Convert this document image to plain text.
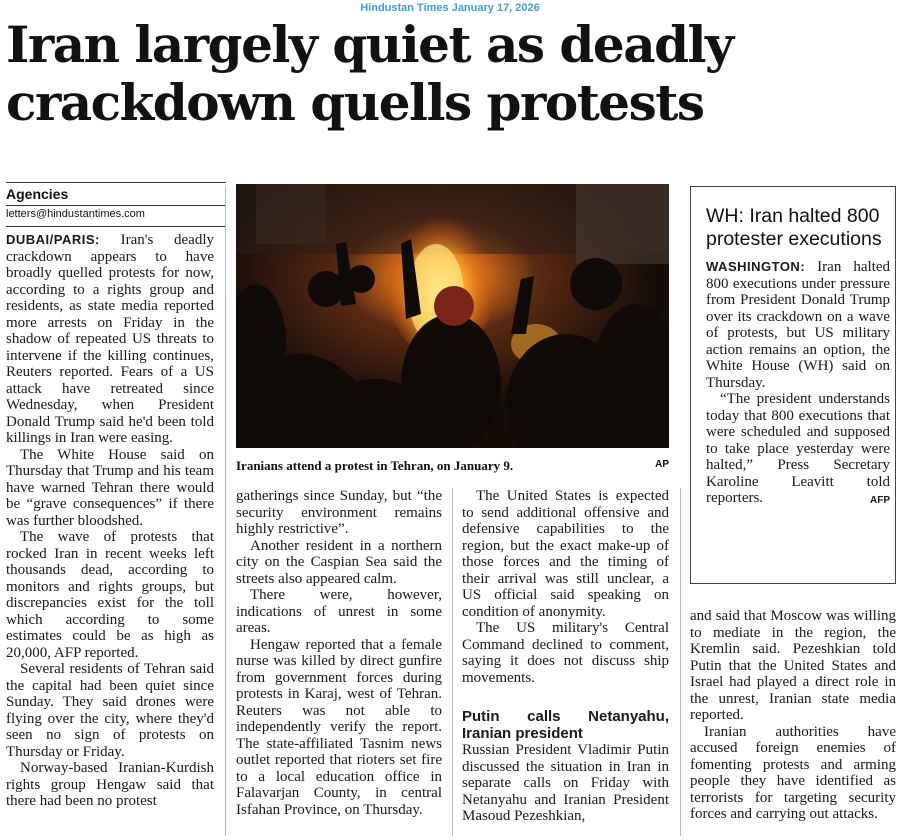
Hindustan Times January 17, 2026
Iran largely quiet as deadly
crackdown quells protests
Agencies
letters@hindustantimes.com

DUBAI/PARIS: Iran's deadly crackdown appears to have broadly quelled protests for now, according to a rights group and residents, as state media reported more arrests on Friday in the shadow of repeated US threats to intervene if the killing continues, Reuters reported. Fears of a US attack have retreated since Wednesday, when President Donald Trump said he'd been told killings in Iran were easing.

The White House said on Thursday that Trump and his team have warned Tehran there would be “grave consequences” if there was further bloodshed.

The wave of protests that rocked Iran in recent weeks left thousands dead, according to monitors and rights groups, but discrepancies exist for the toll which according to some estimates could be as high as 20,000, AFP reported.

Several residents of Tehran said the capital had been quiet since Sunday. They said drones were flying over the city, where they'd seen no sign of protests on Thursday or Friday.

Norway-based Iranian-Kurdish rights group Hengaw said that there had been no protest

Iranians attend a protest in Tehran, on January 9.	AP

gatherings since Sunday, but “the security environment remains highly restrictive”.

Another resident in a northern city on the Caspian Sea said the streets also appeared calm.

There were, however, indications of unrest in some areas.

Hengaw reported that a female nurse was killed by direct gunfire from government forces during protests in Karaj, west of Tehran. Reuters was not able to independently verify the report. The state-affiliated Tasnim news outlet reported that rioters set fire to a local education office in Falavarjan County, in central Isfahan Province, on Thursday.

The United States is expected to send additional offensive and defensive capabilities to the region, but the exact make-up of those forces and the timing of their arrival was still unclear, a US official said speaking on condition of anonymity.

The US military's Central Command declined to comment, saying it does not discuss ship movements.

Putin calls Netanyahu, Iranian president

Russian President Vladimir Putin discussed the situation in Iran in separate calls on Friday with Netanyahu and Iranian President Masoud Pezeshkian,

and said that Moscow was willing to mediate in the region, the Kremlin said. Pezeshkian told Putin that the United States and Israel had played a direct role in the unrest, Iranian state media reported.

Iranian authorities have accused foreign enemies of fomenting protests and arming people they have identified as terrorists for targeting security forces and carrying out attacks.

WH: Iran halted 800 protester executions

WASHINGTON: Iran halted 800 executions under pressure from President Donald Trump over its crackdown on a wave of protests, but US military action remains an option, the White House (WH) said on Thursday.

“The president understands today that 800 executions that were scheduled and supposed to take place yesterday were halted,” Press Secretary Karoline Leavitt told reporters.	AFP
